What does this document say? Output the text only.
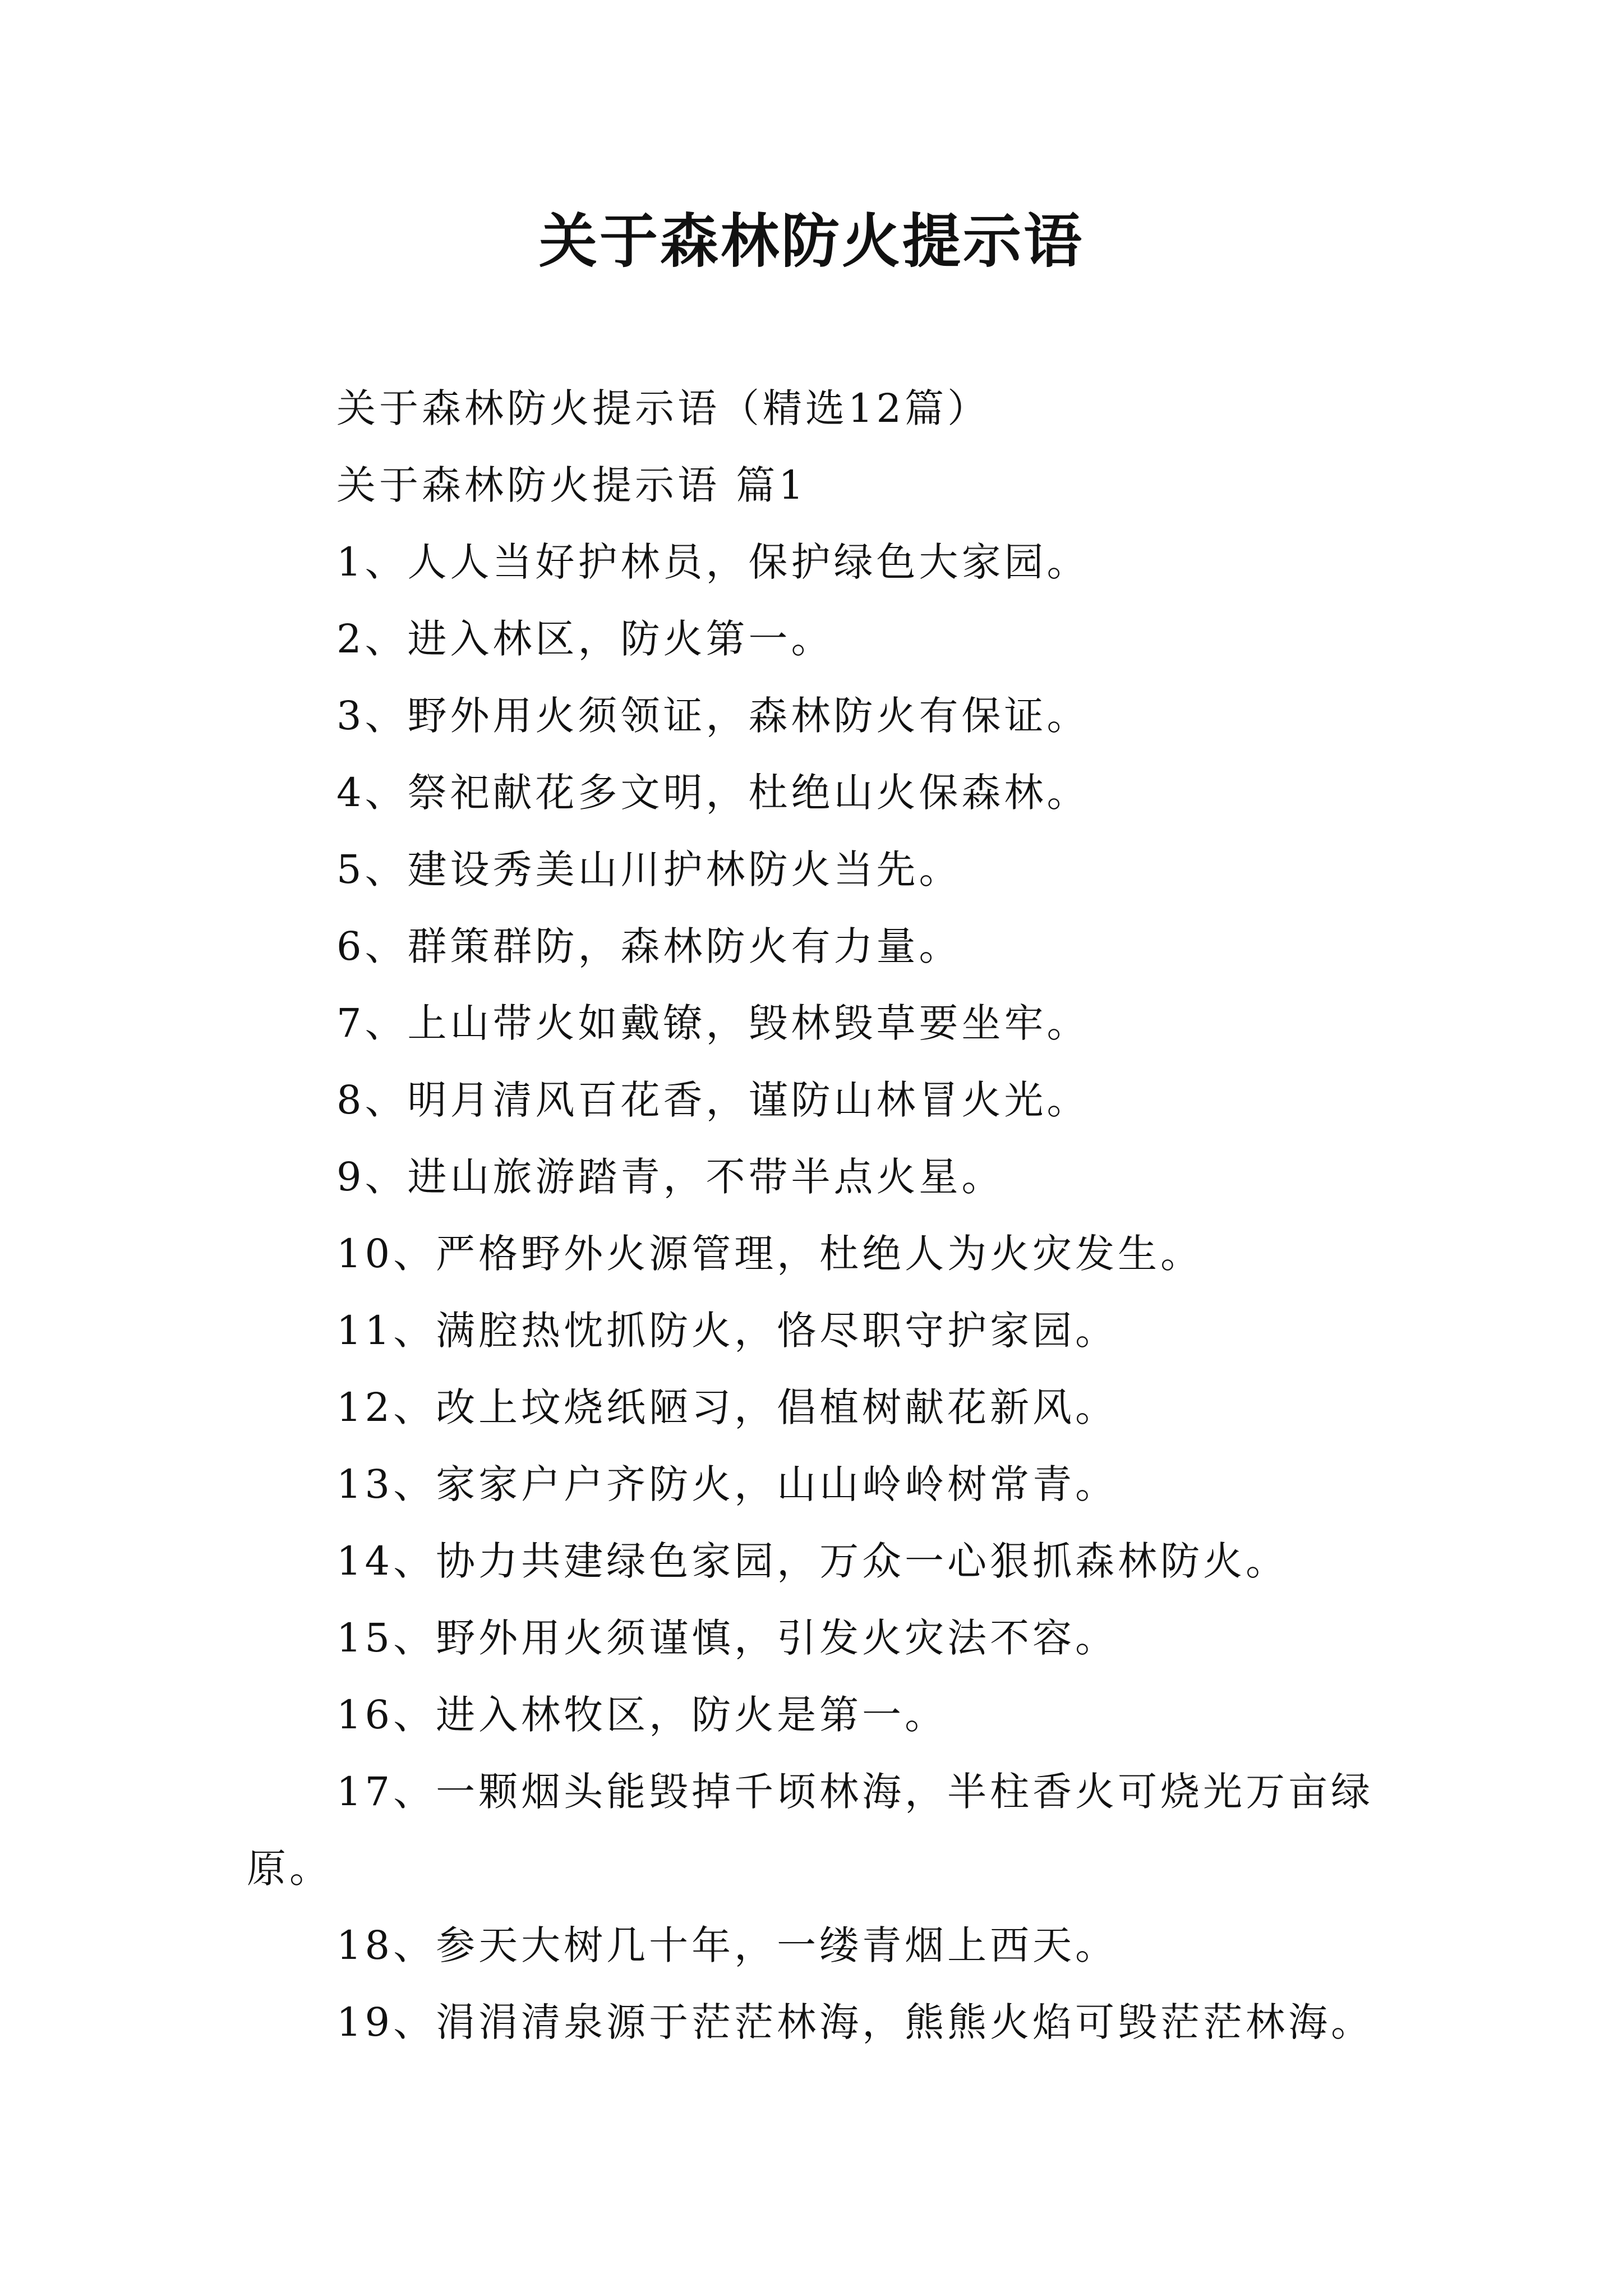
关于森林防火提示语

关于森林防火提示语（精选12篇）

关于森林防火提示语 篇1

1、人人当好护林员，保护绿色大家园。

2、进入林区，防火第一。

3、野外用火须领证，森林防火有保证。

4、祭祀献花多文明，杜绝山火保森林。

5、建设秀美山川护林防火当先。

6、群策群防，森林防火有力量。

7、上山带火如戴镣，毁林毁草要坐牢。

8、明月清风百花香，谨防山林冒火光。

9、进山旅游踏青，不带半点火星。

10、严格野外火源管理，杜绝人为火灾发生。

11、满腔热忱抓防火，恪尽职守护家园。

12、改上坟烧纸陋习，倡植树献花新风。

13、家家户户齐防火，山山岭岭树常青。

14、协力共建绿色家园，万众一心狠抓森林防火。

15、野外用火须谨慎，引发火灾法不容。

16、进入林牧区，防火是第一。

17、一颗烟头能毁掉千顷林海，半柱香火可烧光万亩绿原。

18、参天大树几十年，一缕青烟上西天。

19、涓涓清泉源于茫茫林海，熊熊火焰可毁茫茫林海。
